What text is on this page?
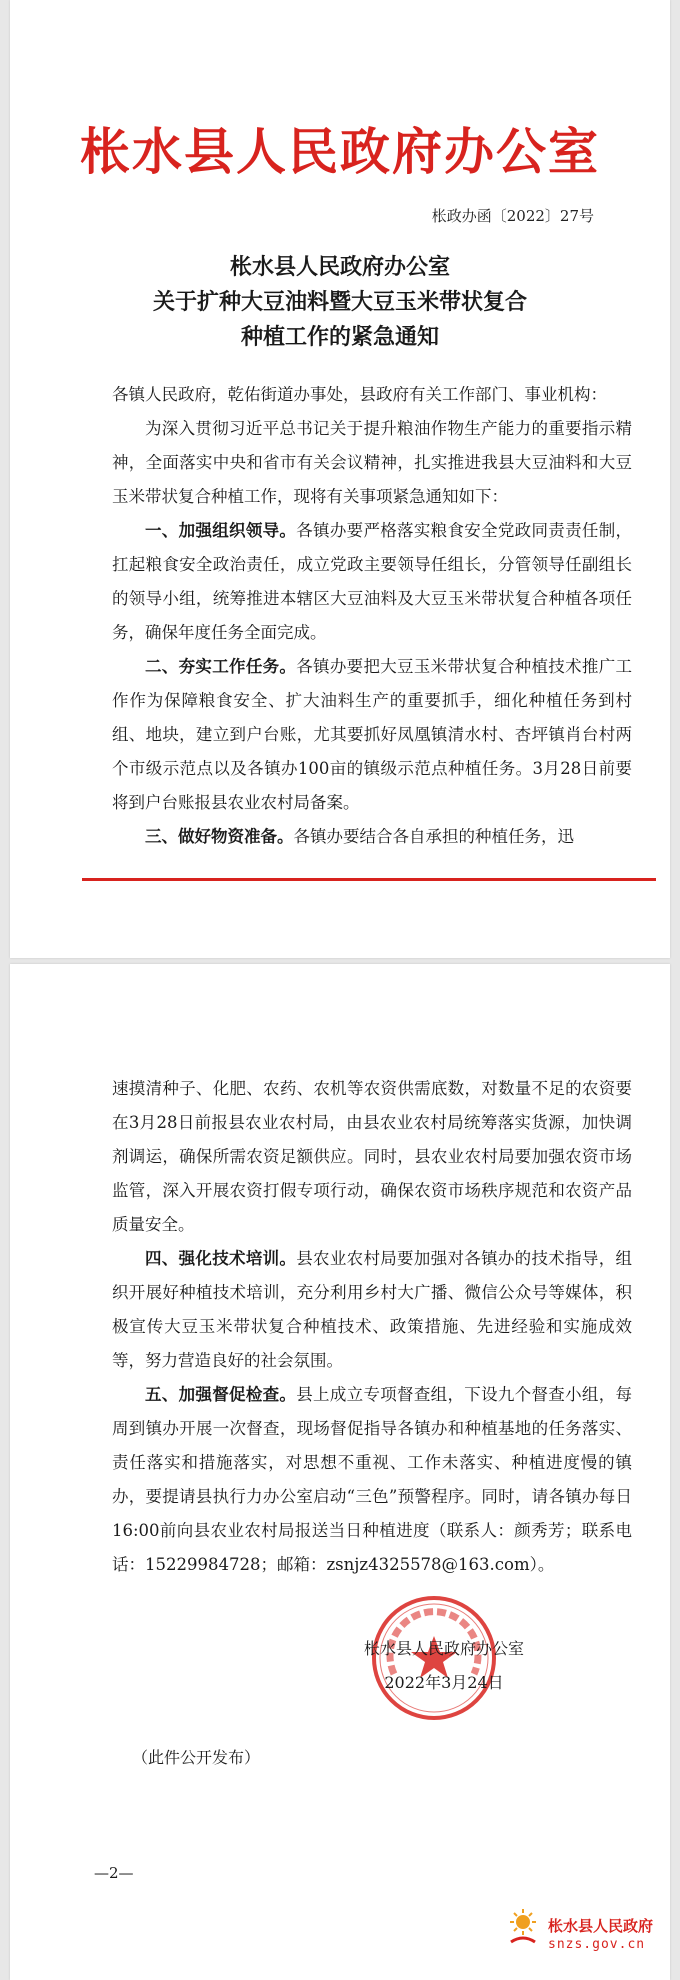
枨水县人民政府办公室
枨政办函〔2022〕27号
枨水县人民政府办公室
关于扩种大豆油料暨大豆玉米带状复合
种植工作的紧急通知

各镇人民政府，乾佑街道办事处，县政府有关工作部门、事业机构：

为深入贯彻习近平总书记关于提升粮油作物生产能力的重要指示精神，全面落实中央和省市有关会议精神，扎实推进我县大豆油料和大豆玉米带状复合种植工作，现将有关事项紧急通知如下：

一、加强组织领导。各镇办要严格落实粮食安全党政同责责任制，扛起粮食安全政治责任，成立党政主要领导任组长，分管领导任副组长的领导小组，统筹推进本辖区大豆油料及大豆玉米带状复合种植各项任务，确保年度任务全面完成。

二、夯实工作任务。各镇办要把大豆玉米带状复合种植技术推广工作作为保障粮食安全、扩大油料生产的重要抓手，细化种植任务到村组、地块，建立到户台账，尤其要抓好凤凰镇清水村、杏坪镇肖台村两个市级示范点以及各镇办100亩的镇级示范点种植任务。3月28日前要将到户台账报县农业农村局备案。

三、做好物资准备。各镇办要结合各自承担的种植任务，迅

速摸清种子、化肥、农药、农机等农资供需底数，对数量不足的农资要在3月28日前报县农业农村局，由县农业农村局统筹落实货源，加快调剂调运，确保所需农资足额供应。同时，县农业农村局要加强农资市场监管，深入开展农资打假专项行动，确保农资市场秩序规范和农资产品质量安全。

四、强化技术培训。县农业农村局要加强对各镇办的技术指导，组织开展好种植技术培训，充分利用乡村大广播、微信公众号等媒体，积极宣传大豆玉米带状复合种植技术、政策措施、先进经验和实施成效等，努力营造良好的社会氛围。

五、加强督促检查。县上成立专项督查组，下设九个督查小组，每周到镇办开展一次督查，现场督促指导各镇办和种植基地的任务落实、责任落实和措施落实，对思想不重视、工作未落实、种植进度慢的镇办，要提请县执行力办公室启动“三色”预警程序。同时，请各镇办每日16:00前向县农业农村局报送当日种植进度（联系人：颜秀芳；联系电话：15229984728；邮箱：zsnjz4325578@163.com）。

枨水县人民政府办公室
2022年3月24日
（此件公开发布）
—2—
枨水县人民政府
snzs.gov.cn
